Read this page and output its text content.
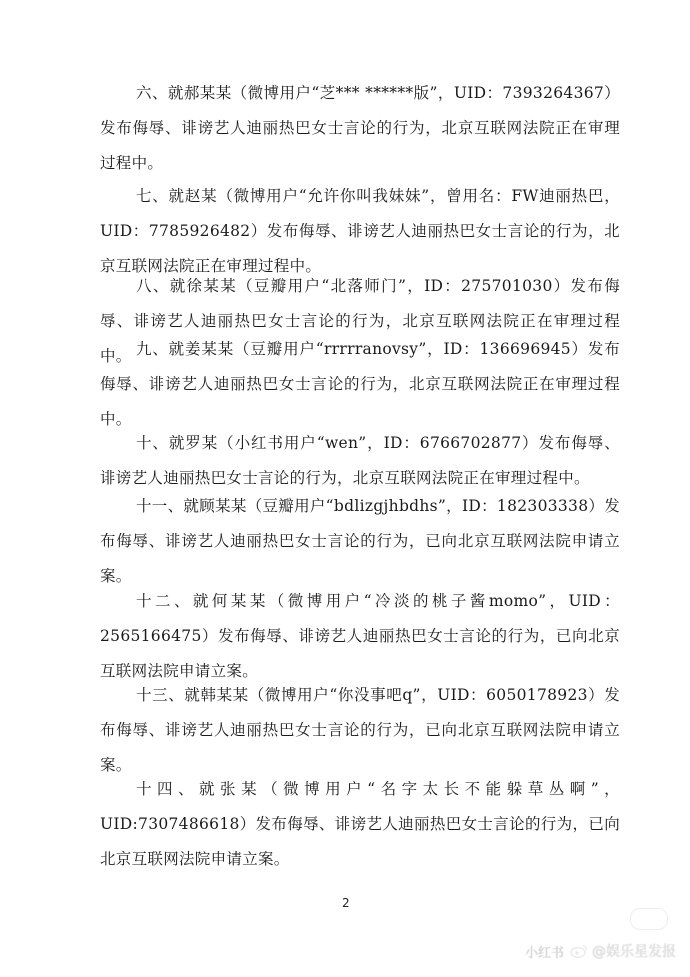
六、就郝某某（微博用户“芝*** ******版”，UID：7393264367）发布侮辱、诽谤艺人迪丽热巴女士言论的行为，北京互联网法院正在审理过程中。

七、就赵某（微博用户“允许你叫我妹妹”，曾用名：FW迪丽热巴，UID：7785926482）发布侮辱、诽谤艺人迪丽热巴女士言论的行为，北京互联网法院正在审理过程中。

八、就徐某某（豆瓣用户“北落师门”，ID：275701030）发布侮辱、诽谤艺人迪丽热巴女士言论的行为，北京互联网法院正在审理过程中。 九、就姜某某（豆瓣用户“rrrrranovsy”，ID：136696945）发布侮辱、诽谤艺人迪丽热巴女士言论的行为，北京互联网法院正在审理过程中。

十、就罗某（小红书用户“wen”，ID：6766702877）发布侮辱、诽谤艺人迪丽热巴女士言论的行为，北京互联网法院正在审理过程中。

十一、就顾某某（豆瓣用户“bdlizgjhbdhs”，ID：182303338）发布侮辱、诽谤艺人迪丽热巴女士言论的行为，已向北京互联网法院申请立案。

十二、就何某某（微博用户“冷淡的桃子酱momo”，UID：2565166475）发布侮辱、诽谤艺人迪丽热巴女士言论的行为，已向北京互联网法院申请立案。

十三、就韩某某（微博用户“你没事吧q”，UID：6050178923）发布侮辱、诽谤艺人迪丽热巴女士言论的行为，已向北京互联网法院申请立案。

十四、就张某（微博用户“名字太长不能躲草丛啊”，UID:7307486618）发布侮辱、诽谤艺人迪丽热巴女士言论的行为，已向北京互联网法院申请立案。

2
小红书 @娱乐星发报
